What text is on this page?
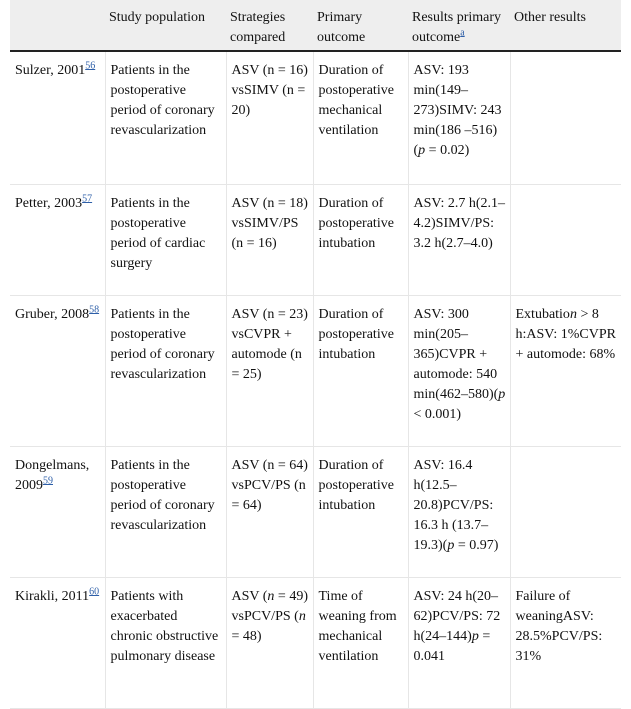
	Study population	Strategies compared	Primary outcome	Results primary outcome$^a$	Other results
Sulzer, 2001$^{56}$	Patients in the postoperative period of coronary revascularization	ASV (n = 16) vsSIMV (n = 20)	Duration of postoperative mechanical ventilation	ASV: 193 min(149–273)SIMV: 243 min(186 –516)(p = 0.02)	
Petter, 2003$^{57}$	Patients in the postoperative period of cardiac surgery	ASV (n = 18) vsSIMV/PS (n = 16)	Duration of postoperative intubation	ASV: 2.7 h(2.1–4.2)SIMV/PS: 3.2 h(2.7–4.0)	
Gruber, 2008$^{58}$	Patients in the postoperative period of coronary revascularization	ASV (n = 23) vsCVPR + automode (n = 25)	Duration of postoperative intubation	ASV: 300 min(205–365)CVPR + automode: 540 min(462–580)(p < 0.001)	Extubation > 8 h:ASV: 1%CVPR + automode: 68%
Dongelmans, 2009$^{59}$	Patients in the postoperative period of coronary revascularization	ASV (n = 64) vsPCV/PS (n = 64)	Duration of postoperative intubation	ASV: 16.4 h(12.5–20.8)PCV/PS: 16.3 h (13.7–19.3)(p = 0.97)	
Kirakli, 2011$^{60}$	Patients with exacerbated chronic obstructive pulmonary disease	ASV (n = 49) vsPCV/PS (n = 48)	Time of weaning from mechanical ventilation	ASV: 24 h(20–62)PCV/PS: 72 h(24–144)p = 0.041	Failure of weaningASV: 28.5%PCV/PS: 31%
